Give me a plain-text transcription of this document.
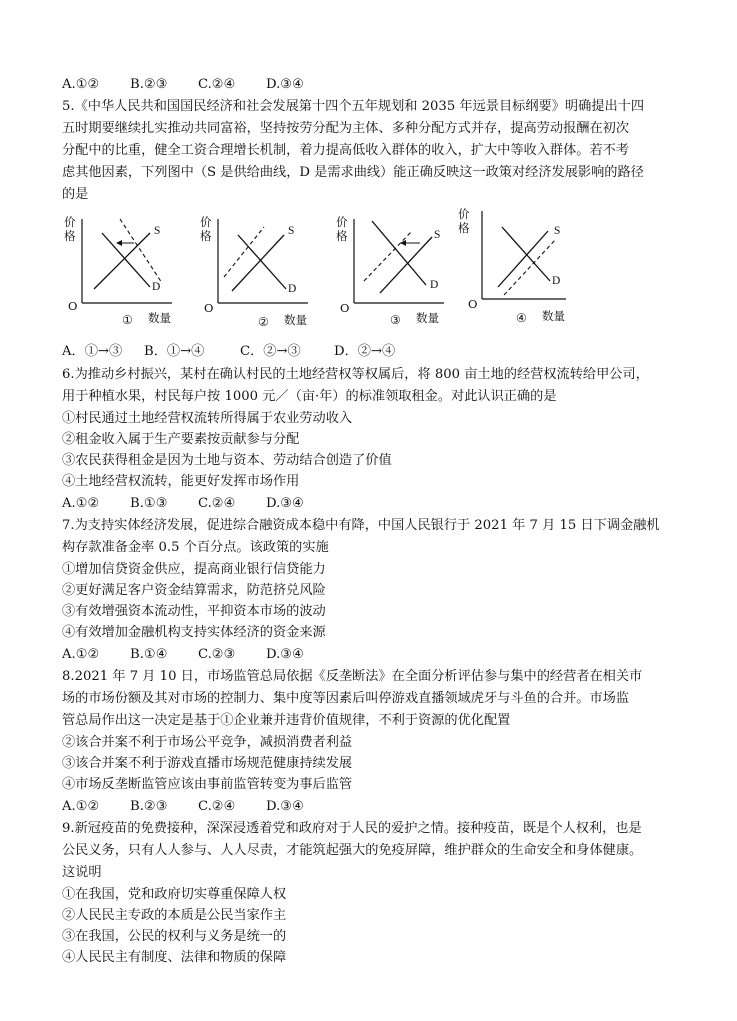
A.①② B.②③ C.②④ D.③④
5.《中华人民共和国国民经济和社会发展第十四个五年规划和 2035 年远景目标纲要》明确提出十四
五时期要继续扎实推动共同富裕，坚持按劳分配为主体、多种分配方式并存，提高劳动报酬在初次
分配中的比重，健全工资合理增长机制，着力提高低收入群体的收入，扩大中等收入群体。若不考
虑其他因素，下列图中（S 是供给曲线，D 是需求曲线）能正确反映这一政策对经济发展影响的路径
的是
价格	S
D
O
① 数量
价格	S
D
O
② 数量
价格	S
D
O
③ 数量
价格	S
D
O
④ 数量
A．①→③ B．①→④	C．②→③	D．②→④
6.为推动乡村振兴，某村在确认村民的土地经营权等权属后，将 800 亩土地的经营权流转给甲公司，
用于种植水果，村民每户按 1000 元／（亩·年）的标准领取租金。对此认识正确的是
①村民通过土地经营权流转所得属于农业劳动收入
②租金收入属于生产要素按贡献参与分配
③农民获得租金是因为土地与资本、劳动结合创造了价值
④土地经营权流转，能更好发挥市场作用
A.①② B.①③ C.②④ D.③④
7.为支持实体经济发展，促进综合融资成本稳中有降，中国人民银行于 2021 年 7 月 15 日下调金融机
构存款准备金率 0.5 个百分点。该政策的实施
①增加信贷资金供应，提高商业银行信贷能力
②更好满足客户资金结算需求，防范挤兑风险
③有效增强资本流动性，平抑资本市场的波动
④有效增加金融机构支持实体经济的资金来源
A.①② B.①④ C.②③ D.③④
8.2021 年 7 月 10 日，市场监管总局依据《反垄断法》在全面分析评估参与集中的经营者在相关市
场的市场份额及其对市场的控制力、集中度等因素后叫停游戏直播领域虎牙与斗鱼的合并。市场监
管总局作出这一决定是基于①企业兼并违背价值规律，不利于资源的优化配置
②该合并案不利于市场公平竞争，减损消费者利益
③该合并案不利于游戏直播市场规范健康持续发展
④市场反垄断监管应该由事前监管转变为事后监管
A.①② B.②③ C.②④ D.③④
9.新冠疫苗的免费接种，深深浸透着党和政府对于人民的爱护之情。接种疫苗，既是个人权利，也是
公民义务，只有人人参与、人人尽责，才能筑起强大的免疫屏障，维护群众的生命安全和身体健康。
这说明
①在我国，党和政府切实尊重保障人权
②人民民主专政的本质是公民当家作主
③在我国，公民的权利与义务是统一的
④人民民主有制度、法律和物质的保障
